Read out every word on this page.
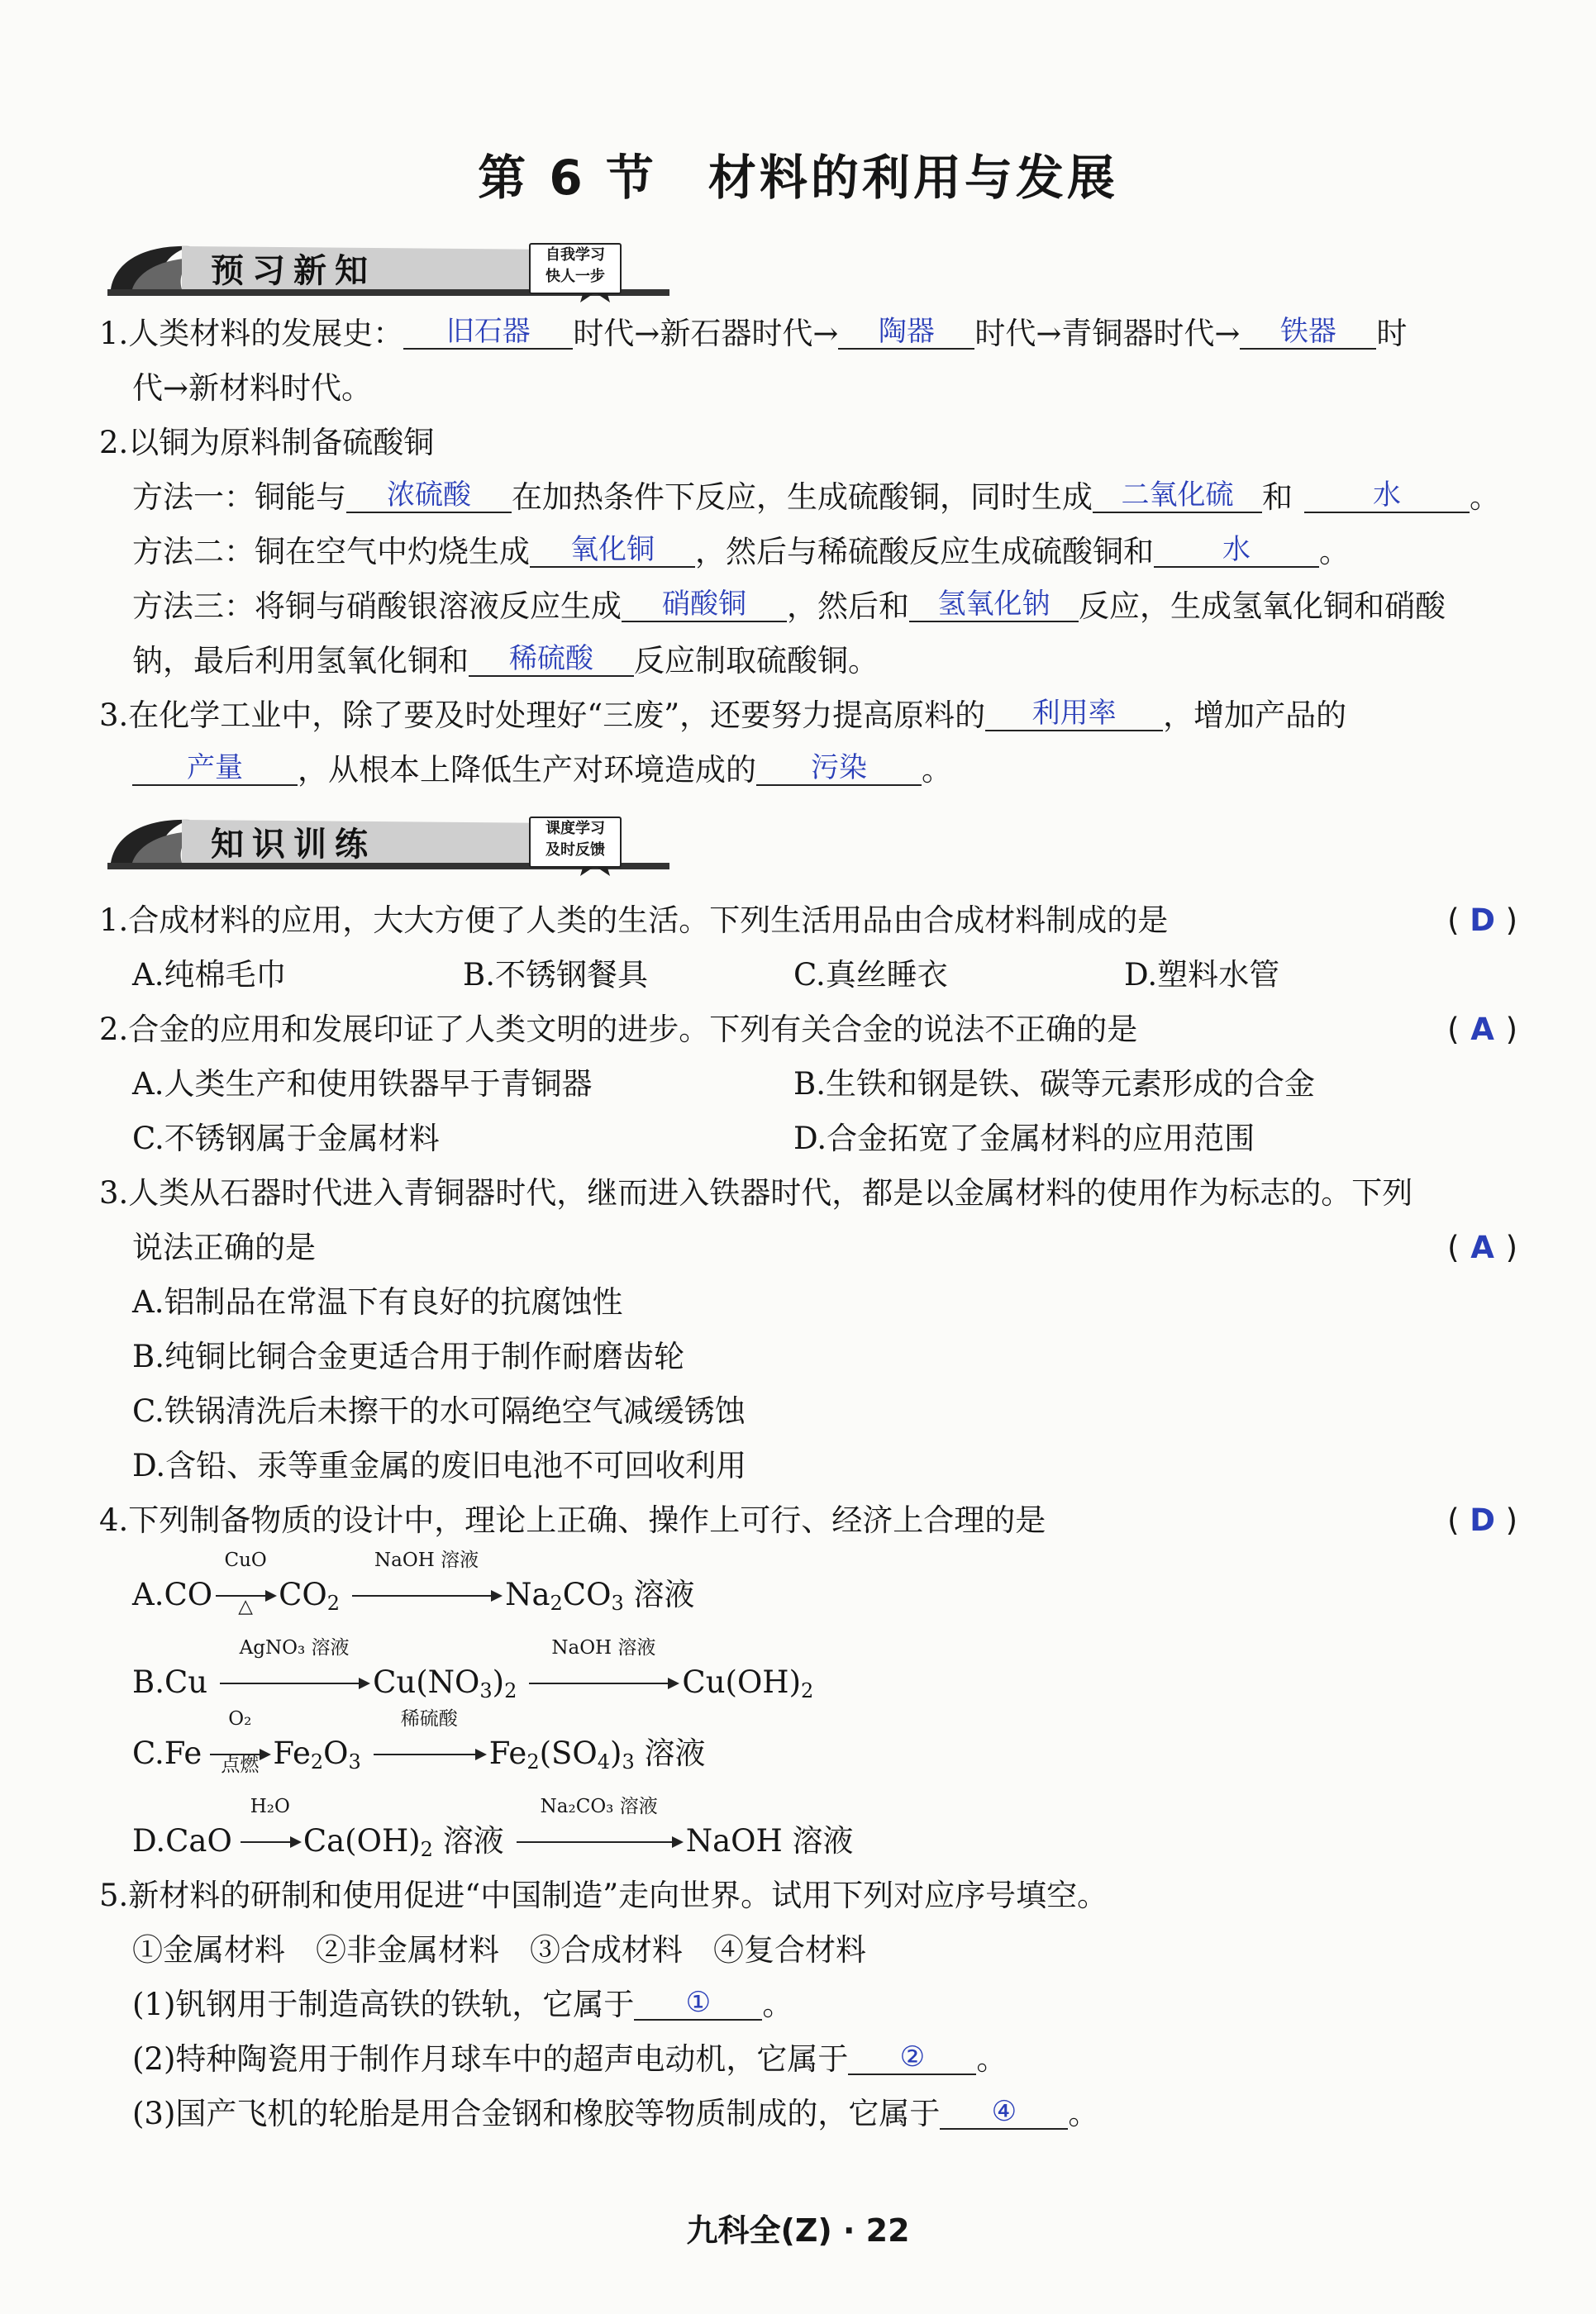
第 6 节　材料的利用与发展
预习新知	自我学习
快人一步
1.人类材料的发展史： 旧石器 时代→新石器时代→ 陶器 时代→青铜器时代→ 铁器 时
代→新材料时代。
2.以铜为原料制备硫酸铜
方法一：铜能与 浓硫酸 在加热条件下反应，生成硫酸铜，同时生成 二氧化硫 和	水 。
方法二：铜在空气中灼烧生成 氧化铜 ，然后与稀硫酸反应生成硫酸铜和 水 。
方法三：将铜与硝酸银溶液反应生成 硝酸铜 ，然后和 氢氧化钠 反应，生成氢氧化铜和硝酸
钠，最后利用氢氧化铜和 稀硫酸 反应制取硫酸铜。
3.在化学工业中，除了要及时处理好“三废”，还要努力提高原料的 利用率 ，增加产品的
产量 ，从根本上降低生产对环境造成的 污染 。
知识训练	课度学习
及时反馈
1.合成材料的应用，大大方便了人类的生活。下列生活用品由合成材料制成的是	( D )
A.纯棉毛巾	B.不锈钢餐具	C.真丝睡衣	D.塑料水管
2.合金的应用和发展印证了人类文明的进步。下列有关合金的说法不正确的是	( A )
A.人类生产和使用铁器早于青铜器	B.生铁和钢是铁、碳等元素形成的合金
C.不锈钢属于金属材料	D.合金拓宽了金属材料的应用范围
3.人类从石器时代进入青铜器时代，继而进入铁器时代，都是以金属材料的使用作为标志的。下列
说法正确的是	( A )
A.铝制品在常温下有良好的抗腐蚀性
B.纯铜比铜合金更适合用于制作耐磨齿轮
C.铁锅清洗后未擦干的水可隔绝空气减缓锈蚀
D.含铅、汞等重金属的废旧电池不可回收利用
4.下列制备物质的设计中，理论上正确、操作上可行、经济上合理的是	( D )
A.CO
CuO
△ $CO_2$
NaOH 溶液
$Na_2CO_3$ 溶液
B.Cu
AgNO₃ 溶液
$Cu(NO_3)_2$
NaOH 溶液
$Cu(OH)_2$
C.Fe
O₂
点燃 $Fe_2O_3$
稀硫酸
$Fe_2(SO_4)_3$ 溶液
D.CaO
H₂O
$Ca(OH)_2$ 溶液
Na₂CO₃ 溶液
NaOH 溶液
5.新材料的研制和使用促进“中国制造”走向世界。试用下列对应序号填空。
①金属材料　②非金属材料　③合成材料　④复合材料
(1)钒钢用于制造高铁的铁轨，它属于 ① 。
(2)特种陶瓷用于制作月球车中的超声电动机，它属于 ② 。
(3)国产飞机的轮胎是用合金钢和橡胶等物质制成的，它属于 ④ 。
九科全(Z) · 22
